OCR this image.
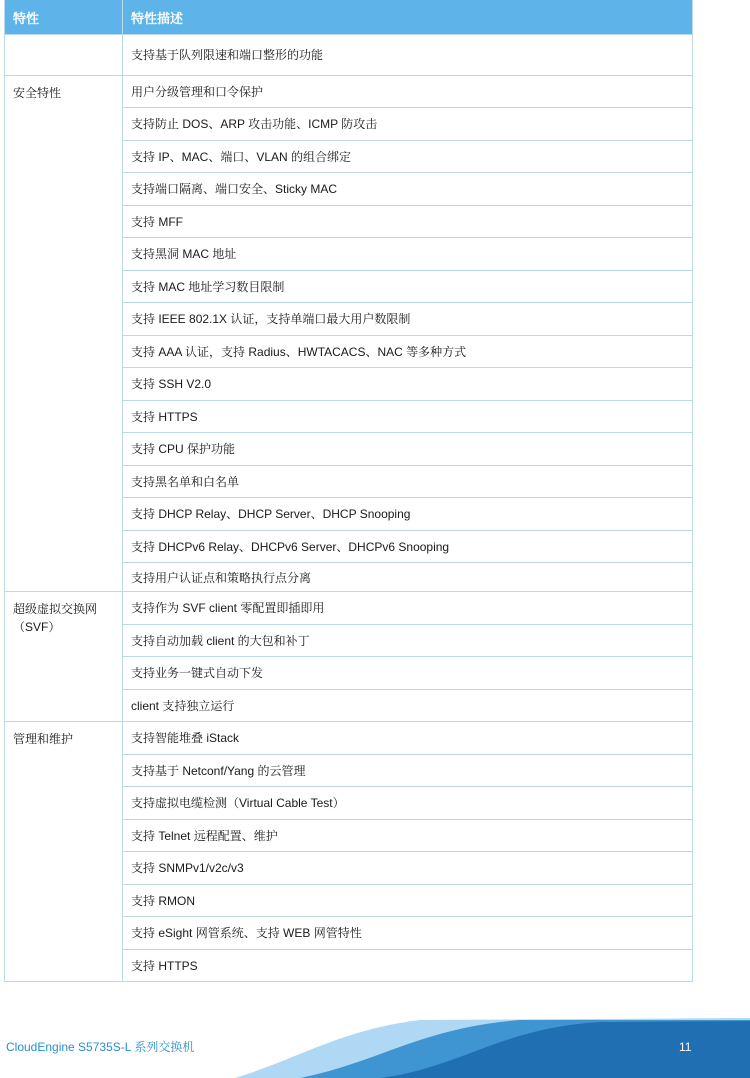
特性	特性描述
	支持基于队列限速和端口整形的功能
安全特性	用户分级管理和口令保护
	支持防止 DOS、ARP 攻击功能、ICMP 防攻击
	支持 IP、MAC、端口、VLAN 的组合绑定
	支持端口隔离、端口安全、Sticky MAC
	支持 MFF
	支持黑洞 MAC 地址
	支持 MAC 地址学习数目限制
	支持 IEEE 802.1X 认证，支持单端口最大用户数限制
	支持 AAA 认证，支持 Radius、HWTACACS、NAC 等多种方式
	支持 SSH V2.0
	支持 HTTPS
	支持 CPU 保护功能
	支持黑名单和白名单
	支持 DHCP Relay、DHCP Server、DHCP Snooping
	支持 DHCPv6 Relay、DHCPv6 Server、DHCPv6 Snooping
	支持用户认证点和策略执行点分离
超级虚拟交换网（SVF）	支持作为 SVF client 零配置即插即用
	支持自动加载 client 的大包和补丁
	支持业务一键式自动下发
	client 支持独立运行
管理和维护	支持智能堆叠 iStack
	支持基于 Netconf/Yang 的云管理
	支持虚拟电缆检测（Virtual Cable Test）
	支持 Telnet 远程配置、维护
	支持 SNMPv1/v2c/v3
	支持 RMON
	支持 eSight 网管系统、支持 WEB 网管特性
	支持 HTTPS
CloudEngine S5735S-L 系列交换机	11
